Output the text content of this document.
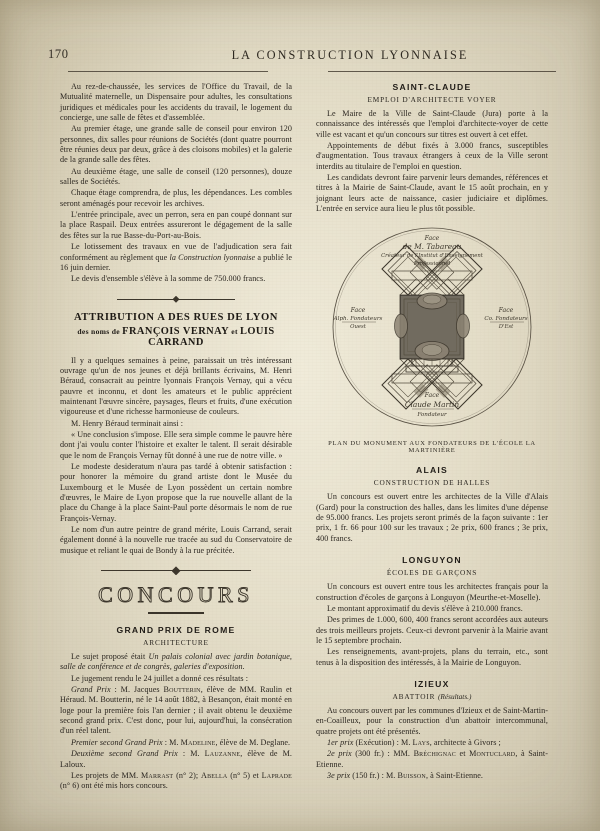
170	LA CONSTRUCTION LYONNAISE

Au rez-de-chaussée, les services de l'Office du Travail, de la Mutualité maternelle, un Dispensaire pour adultes, les consultations juridiques et médicales pour les accidents du travail, le logement du concierge, une salle de fêtes et d'assemblée.

Au premier étage, une grande salle de conseil pour environ 120 personnes, dix salles pour réunions de Sociétés (dont quatre pourront être réunies deux par deux, grâce à des cloisons mobiles) et la galerie de la grande salle des fêtes.

Au deuxième étage, une salle de conseil (120 personnes), douze salles de Sociétés.

Chaque étage comprendra, de plus, les dépendances. Les combles seront aménagés pour recevoir les archives.

L'entrée principale, avec un perron, sera en pan coupé donnant sur la place Raspail. Deux entrées assureront le dégagement de la salle des fêtes sur la rue Basse-du-Port-au-Bois.

Le lotissement des travaux en vue de l'adjudication sera fait conformément au règlement que la Construction lyonnaise a publié le 16 juin dernier.

Le devis d'ensemble s'élève à la somme de 750.000 francs.

ATTRIBUTION A DES RUES DE LYON
des noms de FRANÇOIS VERNAY et LOUIS CARRAND

Il y a quelques semaines à peine, paraissait un très intéressant ouvrage qu'un de nos jeunes et déjà brillants écrivains, M. Henri Béraud, consacrait au peintre lyonnais François Vernay, qui a vécu pauvre et inconnu, et dont les amateurs et le public apprécient maintenant l'œuvre sincère, paysages, fleurs et fruits, d'une exécution vigoureuse et d'une richesse harmonieuse de couleurs.

M. Henry Béraud terminait ainsi :

« Une conclusion s'impose. Elle sera simple comme le pauvre hère dont j'ai voulu conter l'histoire et exalter le talent. Il serait désirable que le nom de François Vernay fût donné à une rue de notre ville. »

Le modeste desideratum n'aura pas tardé à obtenir satisfaction : pour honorer la mémoire du grand artiste dont le Musée du Luxembourg et le Musée de Lyon possèdent un certain nombre d'œuvres, le Maire de Lyon propose que la rue nouvelle allant de la place du Change à la place Saint-Paul porte désormais le nom de rue François-Vernay.

Le nom d'un autre peintre de grand mérite, Louis Carrand, serait également donné à la nouvelle rue tracée au sud du Conservatoire de musique et reliant le quai de Bondy à la rue précitée.

CONCOURS
GRAND PRIX DE ROME
ARCHITECTURE

Le sujet proposé était Un palais colonial avec jardin botanique, salle de conférence et de congrès, galeries d'exposition.

Le jugement rendu le 24 juillet a donné ces résultats :

Grand Prix : M. Jacques Boutterin, élève de MM. Raulin et Héraud. M. Boutterin, né le 14 août 1882, à Besançon, était monté en loge pour la première fois l'an dernier ; il avait obtenu le deuxième second grand prix. C'est donc, pour lui, aujourd'hui, la consécration d'un réel talent.

Premier second Grand Prix : M. Madeline, élève de M. Deglane.

Deuxième second Grand Prix : M. Lauzanne, élève de M. Laloux.

Les projets de MM. Marrast (n° 2); Abella (n° 5) et Laprade (n° 6) ont été mis hors concours.

SAINT-CLAUDE
EMPLOI D'ARCHITECTE VOYER

Le Maire de la Ville de Saint-Claude (Jura) porte à la connaissance des intéressés que l'emploi d'architecte-voyer de cette ville est vacant et qu'un concours sur titres est ouvert à cet effet.

Appointements de début fixés à 3.000 francs, susceptibles d'augmentation. Tous travaux étrangers à ceux de la Ville seront interdits au titulaire de l'emploi en question.

Les candidats devront faire parvenir leurs demandes, références et titres à la Mairie de Saint-Claude, avant le 15 août prochain, en y joignant leurs acte de naissance, casier judiciaire et diplômes. L'entrée en service aura lieu le plus tôt possible.

Face
de M. Tabareau
Créateur de l'Institut d'Enseignement
Professionnel
Face
Alph. Fondateurs
Ouest
Face
Co. Fondateurs
D'Est
Face
Claude Martin
Fondateur
PLAN DU MONUMENT AUX FONDATEURS DE L'ÉCOLE LA MARTINIÈRE
ALAIS
CONSTRUCTION DE HALLES

Un concours est ouvert entre les architectes de la Ville d'Alais (Gard) pour la construction des halles, dans les limites d'une dépense de 95.000 francs. Les projets seront primés de la façon suivante : 1er prix, 1 fr. 66 pour 100 sur les travaux ; 2e prix, 600 francs ; 3e prix, 400 francs.

LONGUYON
ÉCOLES DE GARÇONS

Un concours est ouvert entre tous les architectes français pour la construction d'écoles de garçons à Longuyon (Meurthe-et-Moselle).

Le montant approximatif du devis s'élève à 210.000 francs.

Des primes de 1.000, 600, 400 francs seront accordées aux auteurs des trois meilleurs projets. Ceux-ci devront parvenir à la Mairie avant le 15 septembre prochain.

Les renseignements, avant-projets, plans du terrain, etc., sont tenus à la disposition des intéressés, à la Mairie de Longuyon.

IZIEUX
ABATTOIR (Résultats.)

Au concours ouvert par les communes d'Izieux et de Saint-Martin-en-Coailleux, pour la construction d'un abattoir intercommunal, quatre projets ont été présentés.

1er prix (Exécution) : M. Lays, architecte à Givors ;

2e prix (300 fr.) : MM. Bréchignac et Montuclard, à Saint-Etienne.

3e prix (150 fr.) : M. Buisson, à Saint-Etienne.
